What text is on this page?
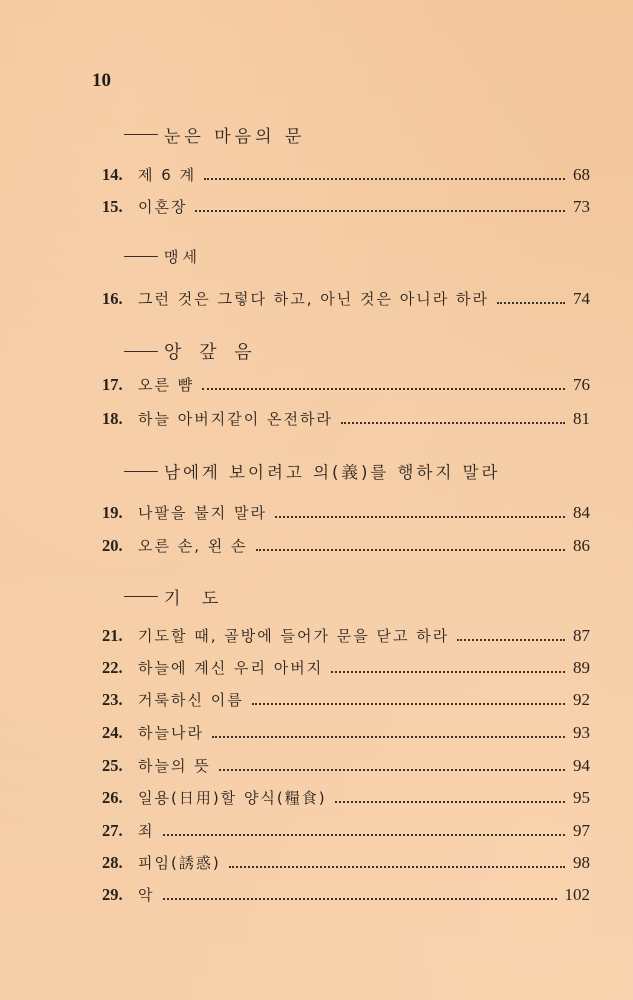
10
눈은 마음의 문
14.	제 6 계	68
15.	이혼장	73
맹세
16.	그런 것은 그렇다 하고, 아닌 것은 아니라 하라	74
앙 갚 음
17.	오른 뺨	76
18.	하늘 아버지같이 온전하라	81
남에게 보이려고 의(義)를 행하지 말라
19.	나팔을 불지 말라	84
20.	오른 손, 왼 손	86
기 도
21.	기도할 때, 골방에 들어가 문을 닫고 하라	87
22.	하늘에 계신 우리 아버지	89
23.	거룩하신 이름	92
24.	하늘나라	93
25.	하늘의 뜻	94
26.	일용(日用)할 양식(糧食)	95
27.	죄	97
28.	피임(誘惑)	98
29.	악	102
